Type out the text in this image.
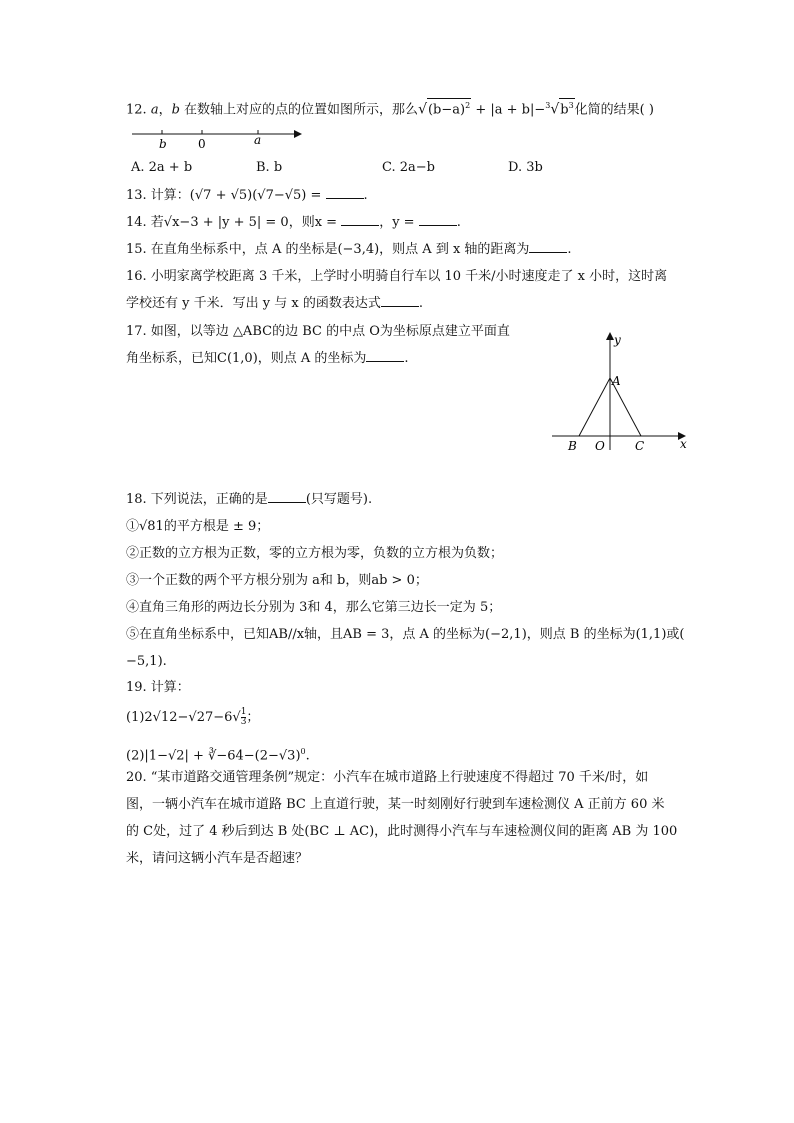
12. a，b 在数轴上对应的点的位置如图所示，那么$√(b-a)^2 + |a + b|-^3√b^3$化简的结果( )
b	0	a
A. 2a + b	B. b	C. 2a−b	D. 3b
13. 计算：(√7 + √5)(√7−√5) =	.
14. 若√x−3 + |y + 5| = 0，则x =	，y =	.
15. 在直角坐标系中，点 A 的坐标是(−3,4)，则点 A 到 x 轴的距离为	.
16. 小明家离学校距离 3 千米，上学时小明骑自行车以 10 千米/小时速度走了 x 小时，这时离
学校还有 y 千米．写出 y 与 x 的函数表达式	.
17. 如图，以等边 △ABC的边 BC 的中点 O为坐标原点建立平面直
角坐标系，已知C(1,0)，则点 A 的坐标为	.
y
x
A
B O	C
18. 下列说法，正确的是	(只写题号).
①√81的平方根是 ± 9；
②正数的立方根为正数，零的立方根为零，负数的立方根为负数；
③一个正数的两个平方根分别为 a和 b，则ab > 0；
④直角三角形的两边长分别为 3和 4，那么它第三边长一定为 5；
⑤在直角坐标系中，已知AB//x轴，且AB = 3，点 A 的坐标为(−2,1)，则点 B 的坐标为(1,1)或(
−5,1).
19. 计算：
$(1)2√12-√27-6√ \frac{1}{3}$ ；
$(2)|1-√2| + ∛-64-(2-√3)^0$.
20. “某市道路交通管理条例”规定：小汽车在城市道路上行驶速度不得超过 70 千米/时，如
图，一辆小汽车在城市道路 BC 上直道行驶，某一时刻刚好行驶到车速检测仪 A 正前方 60 米
的 C处，过了 4 秒后到达 B 处(BC ⊥ AC)，此时测得小汽车与车速检测仪间的距离 AB 为 100
米，请问这辆小汽车是否超速？
